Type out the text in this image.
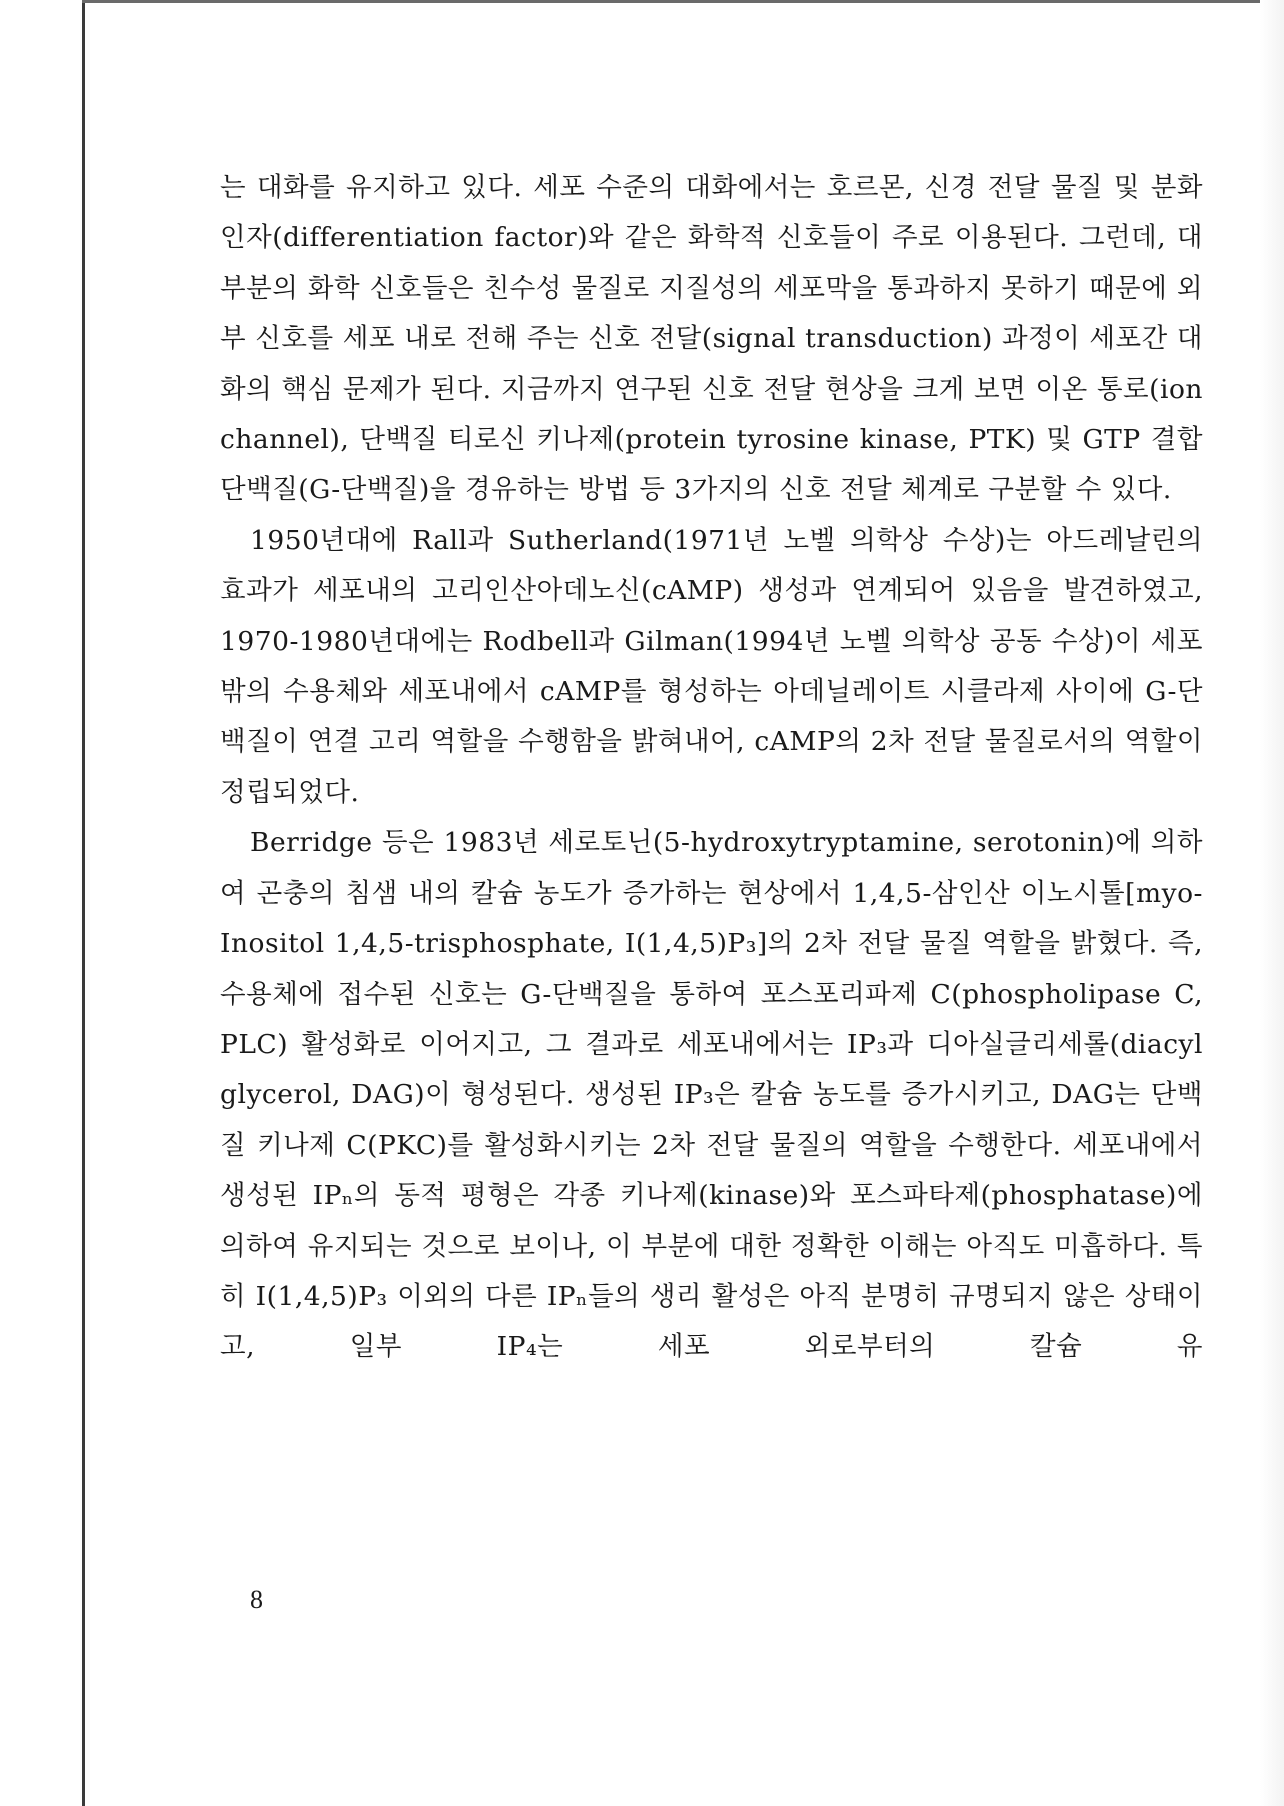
는 대화를 유지하고 있다. 세포 수준의 대화에서는 호르몬, 신경 전달 물질 및 분화 인자(differentiation factor)와 같은 화학적 신호들이 주로 이용된다. 그런데, 대부분의 화학 신호들은 친수성 물질로 지질성의 세포막을 통과하지 못하기 때문에 외부 신호를 세포 내로 전해 주는 신호 전달(signal transduction) 과정이 세포간 대화의 핵심 문제가 된다. 지금까지 연구된 신호 전달 현상을 크게 보면 이온 통로(ion channel), 단백질 티로신 키나제(protein tyrosine kinase, PTK) 및 GTP 결합 단백질(G-단백질)을 경유하는 방법 등 3가지의 신호 전달 체계로 구분할 수 있다.

1950년대에 Rall과 Sutherland(1971년 노벨 의학상 수상)는 아드레날린의 효과가 세포내의 고리인산아데노신(cAMP) 생성과 연계되어 있음을 발견하였고, 1970-1980년대에는 Rodbell과 Gilman(1994년 노벨 의학상 공동 수상)이 세포 밖의 수용체와 세포내에서 cAMP를 형성하는 아데닐레이트 시클라제 사이에 G-단백질이 연결 고리 역할을 수행함을 밝혀내어, cAMP의 2차 전달 물질로서의 역할이 정립되었다.

Berridge 등은 1983년 세로토닌(5-hydroxytryptamine, serotonin)에 의하여 곤충의 침샘 내의 칼슘 농도가 증가하는 현상에서 1,4,5-삼인산 이노시톨[myo-Inositol 1,4,5-trisphosphate, I(1,4,5)P₃]의 2차 전달 물질 역할을 밝혔다. 즉, 수용체에 접수된 신호는 G-단백질을 통하여 포스포리파제 C(phospholipase C, PLC) 활성화로 이어지고, 그 결과로 세포내에서는 IP₃과 디아실글리세롤(diacyl glycerol, DAG)이 형성된다. 생성된 IP₃은 칼슘 농도를 증가시키고, DAG는 단백질 키나제 C(PKC)를 활성화시키는 2차 전달 물질의 역할을 수행한다. 세포내에서 생성된 IPₙ의 동적 평형은 각종 키나제(kinase)와 포스파타제(phosphatase)에 의하여 유지되는 것으로 보이나, 이 부분에 대한 정확한 이해는 아직도 미흡하다. 특히 I(1,4,5)P₃ 이외의 다른 IPₙ들의 생리 활성은 아직 분명히 규명되지 않은 상태이고, 일부 IP₄는 세포 외로부터의 칼슘 유

8
